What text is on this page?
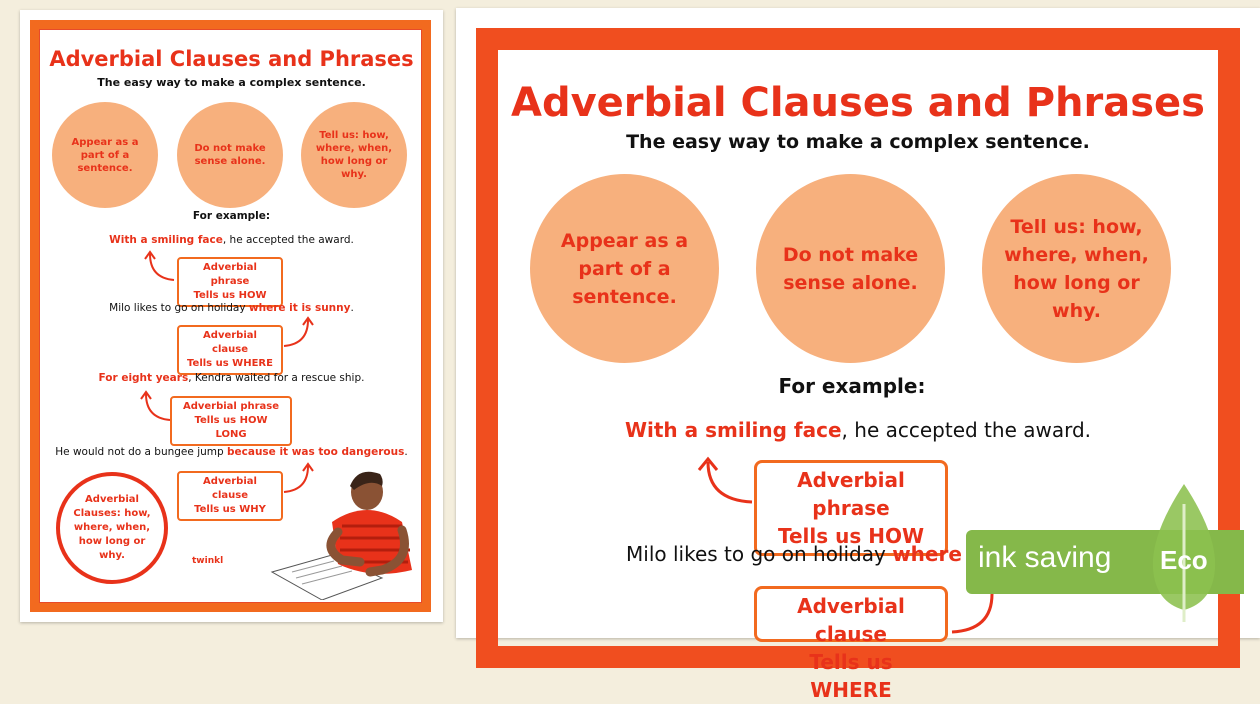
Adverbial Clauses and Phrases
The easy way to make a complex sentence.
Appear as a part of a sentence.
Do not make sense alone.
Tell us: how, where, when, how long or why.
For example:
With a smiling face, he accepted the award.
Adverbial phrase
Tells us HOW
Milo likes to go on holiday where it is sunny.
Adverbial clause
Tells us WHERE
For eight years, Kendra waited for a rescue ship.
Adverbial phrase
Tells us HOW LONG
He would not do a bungee jump because it was too dangerous.
Adverbial clause
Tells us WHY
Adverbial Clauses: how, where, when, how long or why.	twinkl
Adverbial Clauses and Phrases
The easy way to make a complex sentence.
Appear as a part of a sentence.
Do not make sense alone.
Tell us: how, where, when, how long or why.
For example:
With a smiling face, he accepted the award.
Adverbial phrase
Tells us HOW
Milo likes to go on holiday where
Adverbial clause
Tells us WHERE
ink saving Eco
